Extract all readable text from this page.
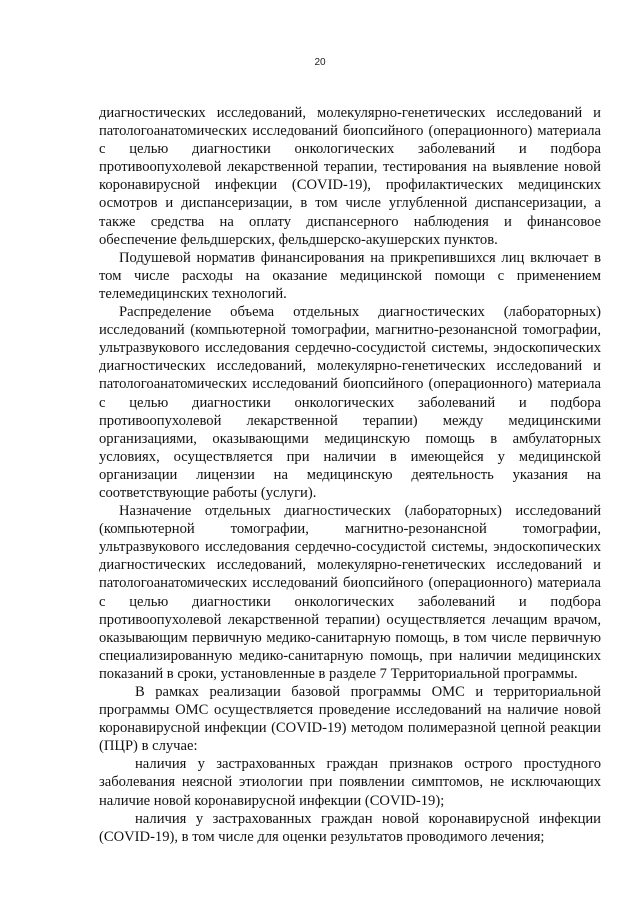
20

диагностических исследований, молекулярно-генетических исследований и патологоанатомических исследований биопсийного (операционного) материала с целью диагностики онкологических заболеваний и подбора противоопухолевой лекарственной терапии, тестирования на выявление новой коронавирусной инфекции (COVID-19), профилактических медицинских осмотров и диспансеризации, в том числе углубленной диспансеризации, а также средства на оплату диспансерного наблюдения и финансовое обеспечение фельдшерских, фельдшерско-акушерских пунктов.

Подушевой норматив финансирования на прикрепившихся лиц включает в том числе расходы на оказание медицинской помощи с применением телемедицинских технологий.

Распределение объема отдельных диагностических (лабораторных) исследований (компьютерной томографии, магнитно-резонансной томографии, ультразвукового исследования сердечно-сосудистой системы, эндоскопических диагностических исследований, молекулярно-генетических исследований и патологоанатомических исследований биопсийного (операционного) материала с целью диагностики онкологических заболеваний и подбора противоопухолевой лекарственной терапии) между медицинскими организациями, оказывающими медицинскую помощь в амбулаторных условиях, осуществляется при наличии в имеющейся у медицинской организации лицензии на медицинскую деятельность указания на соответствующие работы (услуги).

Назначение отдельных диагностических (лабораторных) исследований (компьютерной томографии, магнитно-резонансной томографии, ультразвукового исследования сердечно-сосудистой системы, эндоскопических диагностических исследований, молекулярно-генетических исследований и патологоанатомических исследований биопсийного (операционного) материала с целью диагностики онкологических заболеваний и подбора противоопухолевой лекарственной терапии) осуществляется лечащим врачом, оказывающим первичную медико-санитарную помощь, в том числе первичную специализированную медико-санитарную помощь, при наличии медицинских показаний в сроки, установленные в разделе 7 Территориальной программы.

В рамках реализации базовой программы ОМС и территориальной программы ОМС осуществляется проведение исследований на наличие новой коронавирусной инфекции (COVID-19) методом полимеразной цепной реакции (ПЦР) в случае:

наличия у застрахованных граждан признаков острого простудного заболевания неясной этиологии при появлении симптомов, не исключающих наличие новой коронавирусной инфекции (COVID-19);

наличия у застрахованных граждан новой коронавирусной инфекции (COVID-19), в том числе для оценки результатов проводимого лечения;
